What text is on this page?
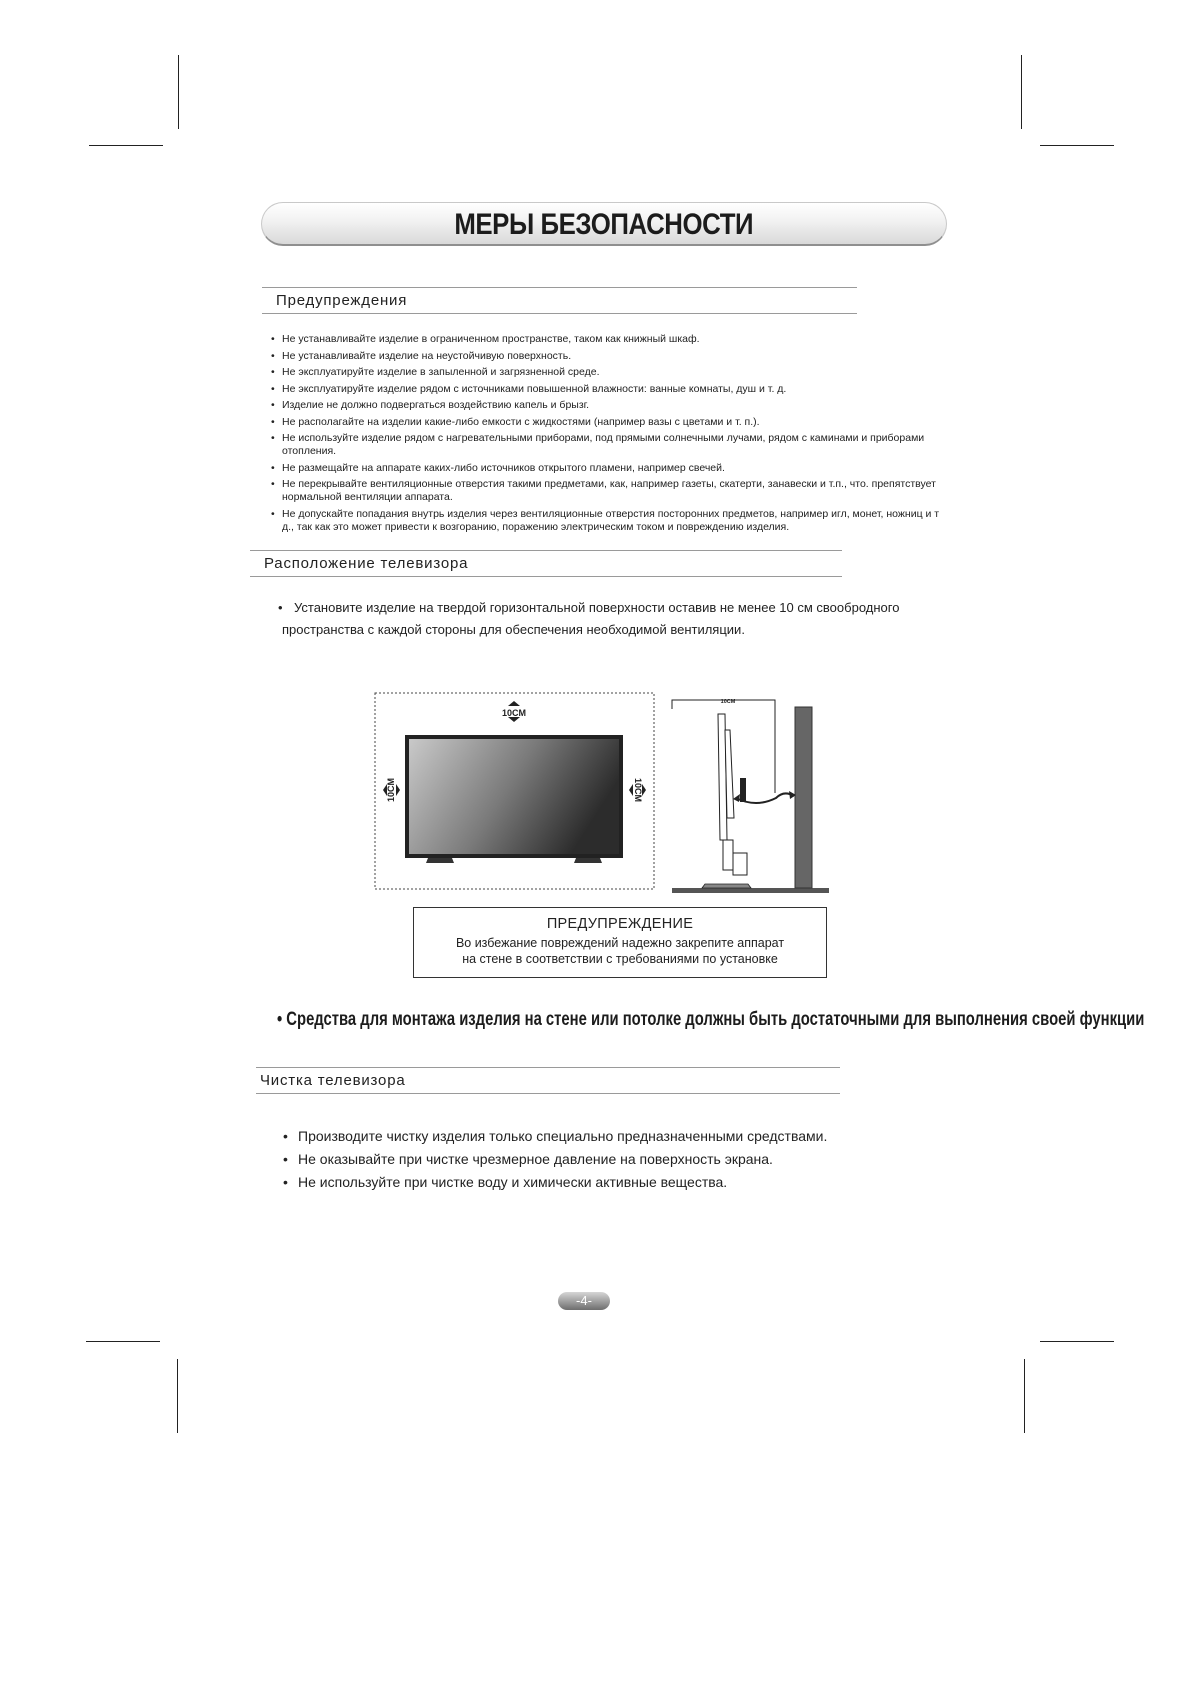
МЕРЫ БЕЗОПАСНОСТИ
Предупреждения
• Не устанавливайте изделие в ограниченном пространстве, таком как книжный шкаф.
• Не устанавливайте изделие на неустойчивую поверхность.
• Не эксплуатируйте изделие в запыленной и загрязненной среде.
• Не эксплуатируйте изделие рядом с источниками повышенной влажности: ванные комнаты, душ и т. д.
• Изделие не должно подвергаться воздействию капель и брызг.
• Не располагайте на изделии какие-либо емкости с жидкостями (например вазы с цветами и т. п.).
• Не используйте изделие рядом с нагревательными приборами, под прямыми солнечными лучами, рядом с каминами и приборами отопления.
• Не размещайте на аппарате каких-либо источников открытого пламени, например свечей.
• Не перекрывайте вентиляционные отверстия такими предметами, как, например газеты, скатерти, занавески и т.п., что. препятствует нормальной вентиляции аппарата.
• Не допускайте попадания внутрь изделия через вентиляционные отверстия посторонних предметов, например игл, монет, ножниц и т д., так как это может привести к возгоранию, поражению электрическим током и повреждению изделия.
Расположение телевизора
• Установите изделие на твердой горизонтальной поверхности оставив не менее 10 см свообродного пространства с каждой стороны для обеспечения необходимой вентиляции.

10CM
10CM	10CM
10CM
ПРЕДУПРЕЖДЕНИЕ
Во избежание повреждений надежно закрепите аппарат
на стене в соответствии с требованиями по установке
• Средства для монтажа изделия на стене или потолке должны быть достаточными для выполнения своей функции
Чистка телевизора
• Производите чистку изделия только специально предназначенными средствами.
• Не оказывайте при чистке чрезмерное давление на поверхность экрана.
• Не используйте при чистке воду и химически активные вещества.
-4-
